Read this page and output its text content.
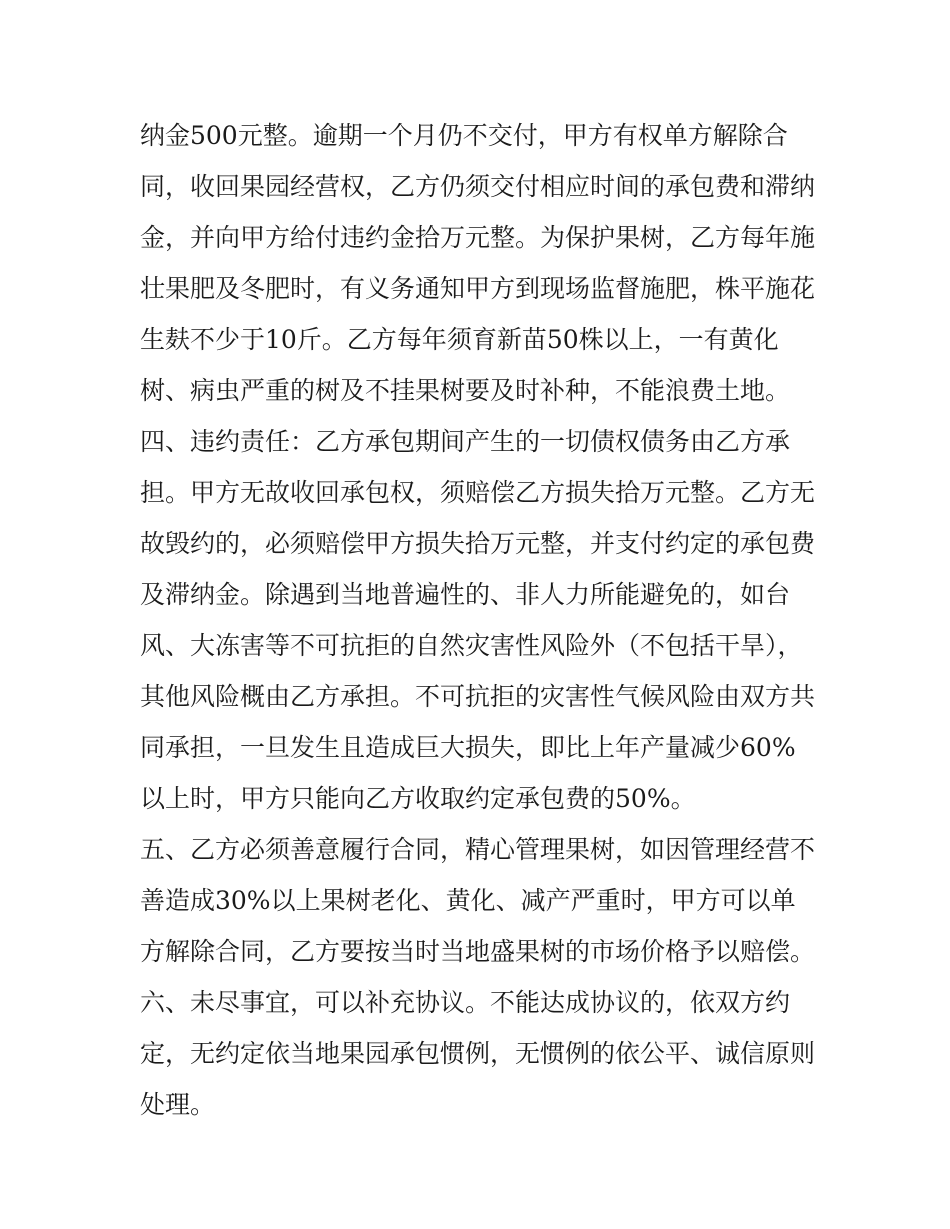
纳金500元整。逾期一个月仍不交付，甲方有权单方解除合
同，收回果园经营权，乙方仍须交付相应时间的承包费和滞纳
金，并向甲方给付违约金拾万元整。为保护果树，乙方每年施
壮果肥及冬肥时，有义务通知甲方到现场监督施肥，株平施花
生麸不少于10斤。乙方每年须育新苗50株以上，一有黄化
树、病虫严重的树及不挂果树要及时补种，不能浪费土地。
四、违约责任：乙方承包期间产生的一切债权债务由乙方承
担。甲方无故收回承包权，须赔偿乙方损失拾万元整。乙方无
故毁约的，必须赔偿甲方损失拾万元整，并支付约定的承包费
及滞纳金。除遇到当地普遍性的、非人力所能避免的，如台
风、大冻害等不可抗拒的自然灾害性风险外（不包括干旱），
其他风险概由乙方承担。不可抗拒的灾害性气候风险由双方共
同承担，一旦发生且造成巨大损失，即比上年产量减少60%
以上时，甲方只能向乙方收取约定承包费的50%。
五、乙方必须善意履行合同，精心管理果树，如因管理经营不
善造成30%以上果树老化、黄化、减产严重时，甲方可以单
方解除合同，乙方要按当时当地盛果树的市场价格予以赔偿。
六、未尽事宜，可以补充协议。不能达成协议的，依双方约
定，无约定依当地果园承包惯例，无惯例的依公平、诚信原则
处理。
